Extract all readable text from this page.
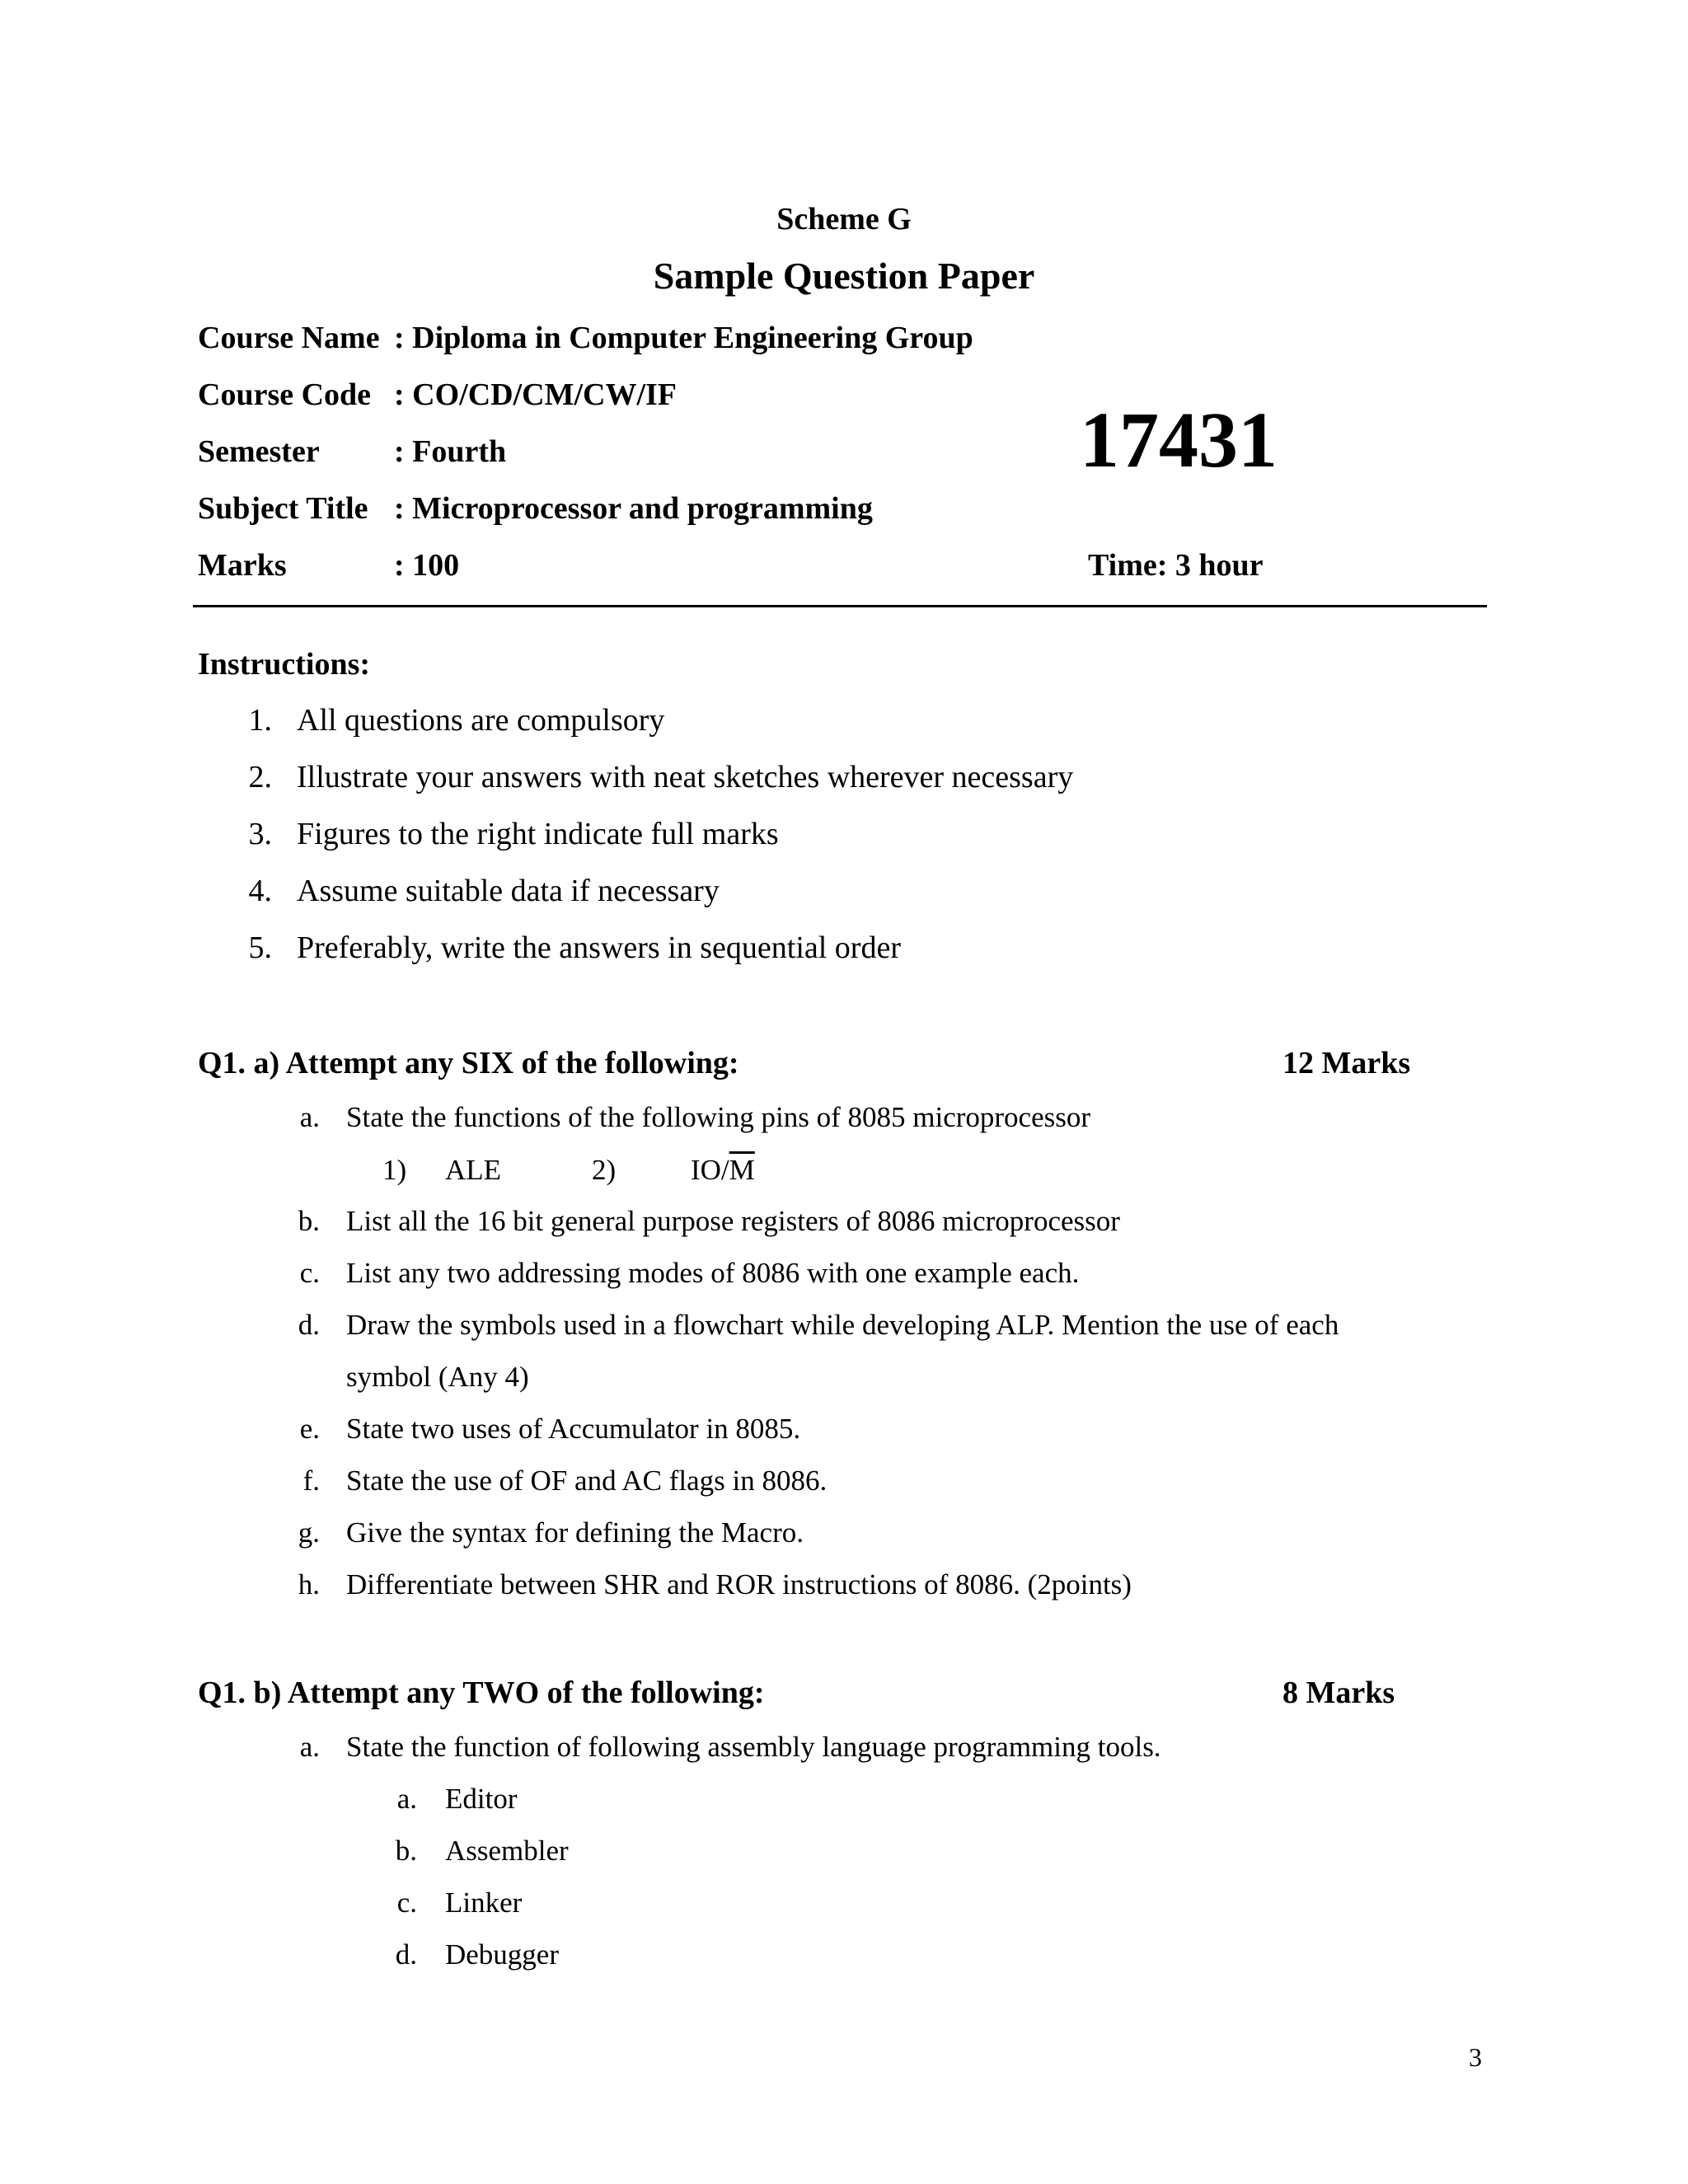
Scheme G
Sample Question Paper
Course Name : Diploma in Computer Engineering Group
Course Code : CO/CD/CM/CW/IF
Semester : Fourth
Subject Title : Microprocessor and programming
Marks	: 100
17431
Time: 3 hour
Instructions:
1. All questions are compulsory
2. Illustrate your answers with neat sketches wherever necessary
3. Figures to the right indicate full marks
4. Assume suitable data if necessary
5. Preferably, write the answers in sequential order
Q1. a) Attempt any SIX of the following:	12 Marks
a. State the functions of the following pins of 8085 microprocessor
1) ALE	2)	$IO/\overline{M}$
b. List all the 16 bit general purpose registers of 8086 microprocessor
c. List any two addressing modes of 8086 with one example each.
d. Draw the symbols used in a flowchart while developing ALP. Mention the use of each
symbol (Any 4)
e. State two uses of Accumulator in 8085.
f. State the use of OF and AC flags in 8086.
g. Give the syntax for defining the Macro.
h. Differentiate between SHR and ROR instructions of 8086. (2points)
Q1. b) Attempt any TWO of the following:	8 Marks
a. State the function of following assembly language programming tools.
a. Editor
b. Assembler
c. Linker
d. Debugger
3
